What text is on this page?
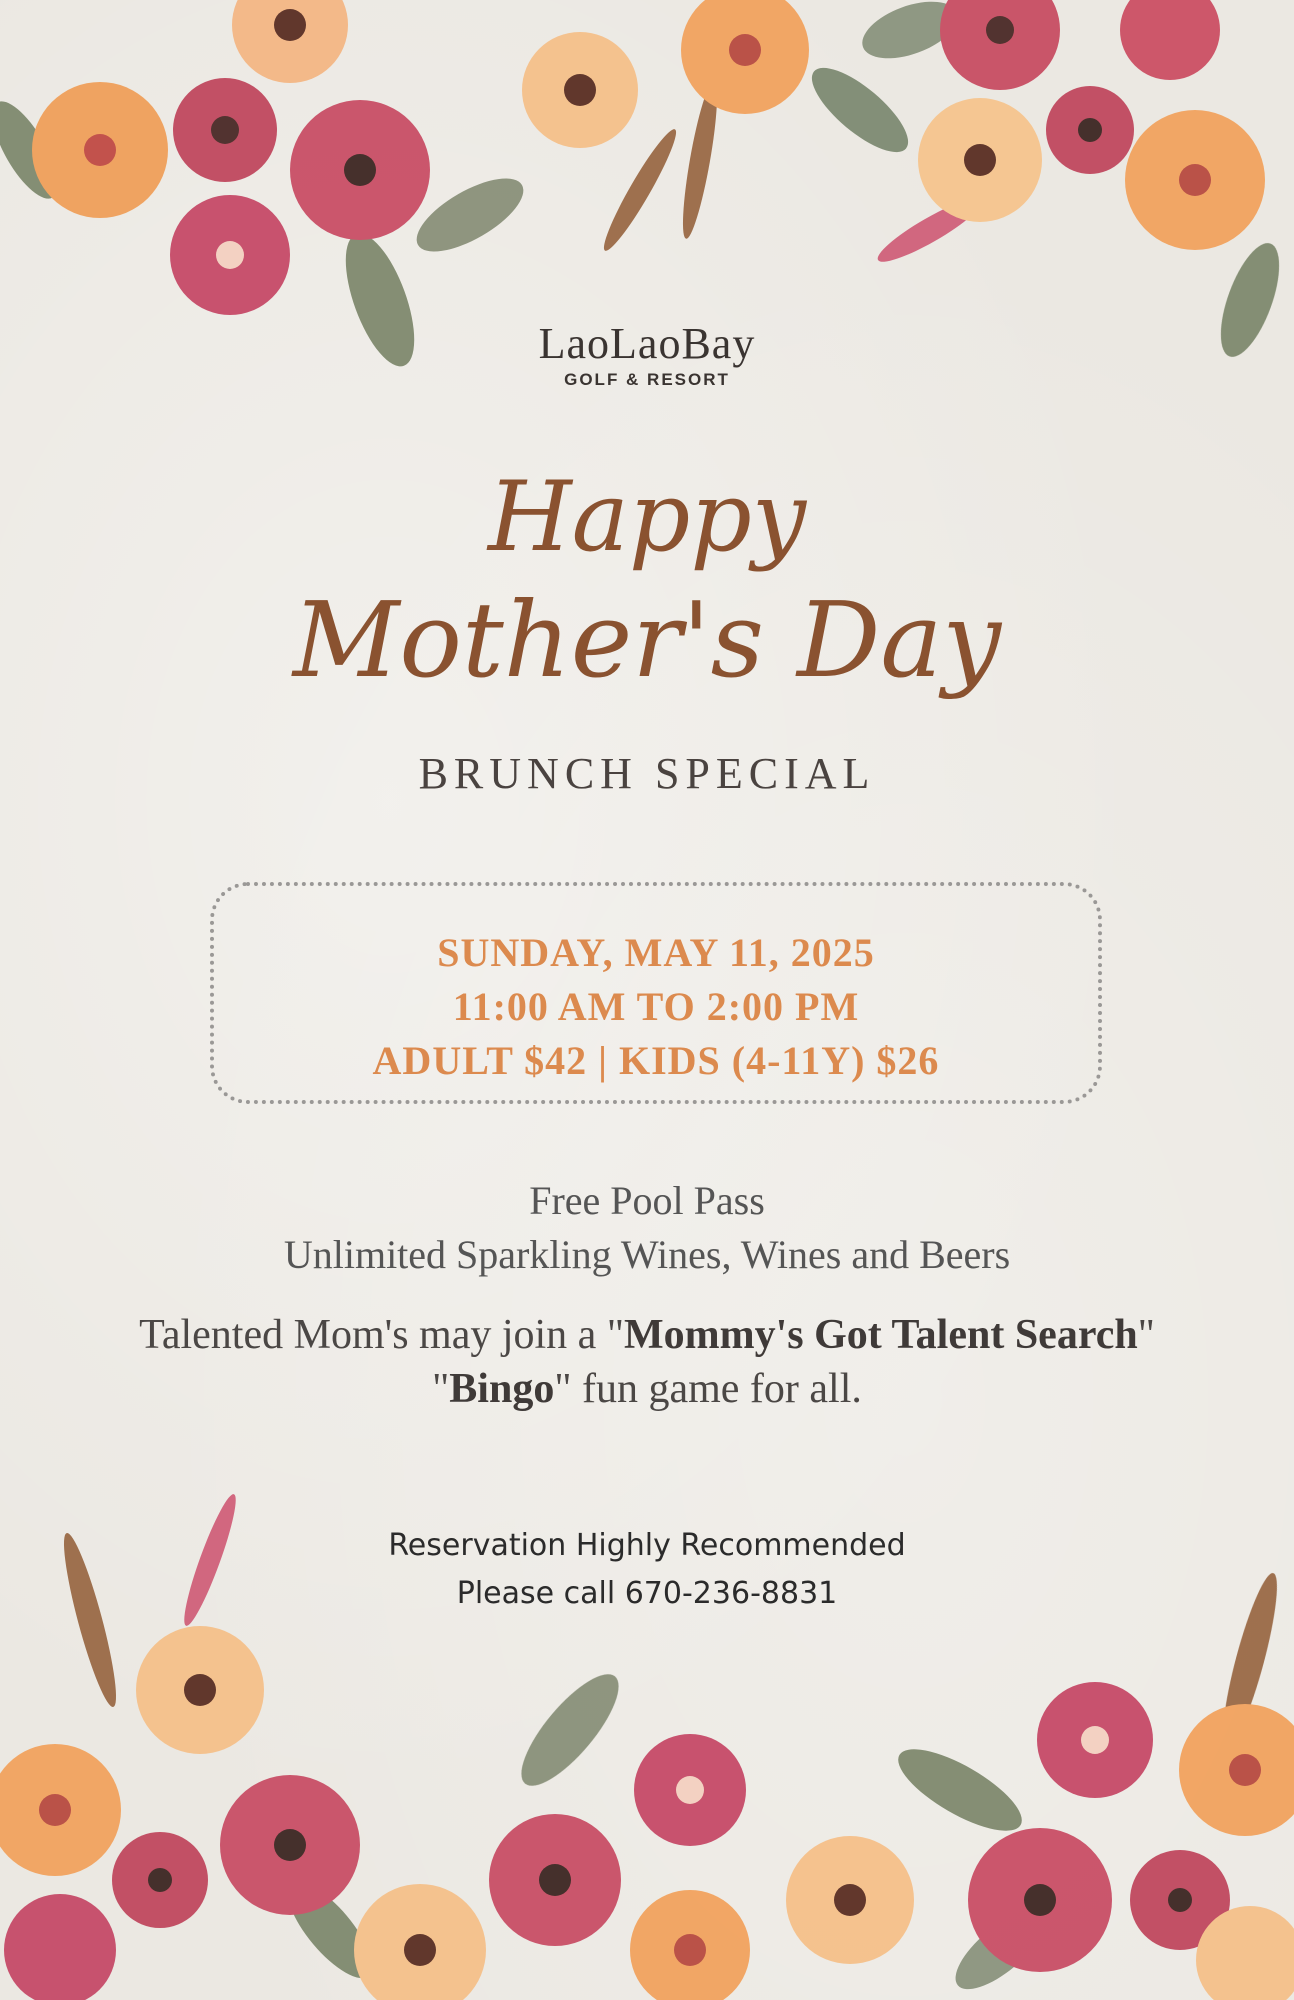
LaoLaoBay
GOLF & RESORT
Happy
Mother's Day
BRUNCH SPECIAL
SUNDAY, MAY 11, 2025
11:00 AM TO 2:00 PM
ADULT $42 | KIDS (4-11Y) $26
Free Pool Pass
Unlimited Sparkling Wines, Wines and Beers
Talented Mom's may join a "Mommy's Got Talent Search"
"Bingo" fun game for all.
Reservation Highly Recommended
Please call 670-236-8831
